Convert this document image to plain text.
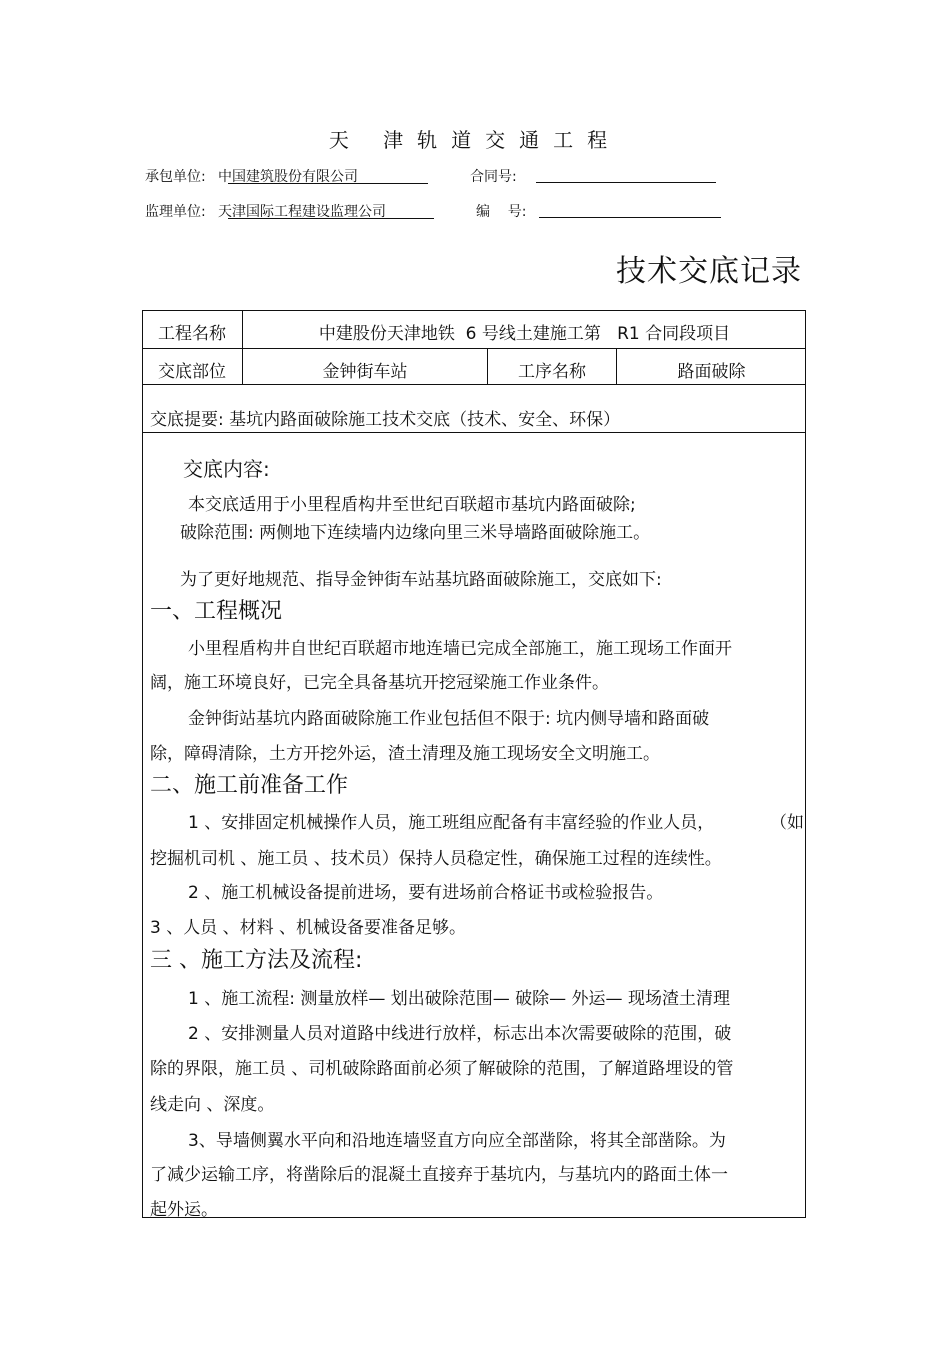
天 津轨道交通工程
承包单位: 中国建筑股份有限公司	合同号:
监理单位: 天津国际工程建设监理公司	编    号:
技术交底记录
工程名称	中建股份天津地铁  6 号线土建施工第   R1 合同段项目
交底部位	金钟街车站	工序名称	路面破除
交底提要: 基坑内路面破除施工技术交底（技术、安全、环保）
交底内容:
本交底适用于小里程盾构井至世纪百联超市基坑内路面破除;
破除范围: 两侧地下连续墙内边缘向里三米导墙路面破除施工。
为了更好地规范、指导金钟街车站基坑路面破除施工，交底如下:
一、工程概况
小里程盾构井自世纪百联超市地连墙已完成全部施工，施工现场工作面开
阔，施工环境良好，已完全具备基坑开挖冠梁施工作业条件。
金钟街站基坑内路面破除施工作业包括但不限于: 坑内侧导墙和路面破
除，障碍清除，土方开挖外运，渣土清理及施工现场安全文明施工。
二、施工前准备工作
1 、安排固定机械操作人员，施工班组应配备有丰富经验的作业人员，	（如
挖掘机司机 、施工员 、技术员）保持人员稳定性，确保施工过程的连续性。
2 、施工机械设备提前进场，要有进场前合格证书或检验报告。
3 、人员 、材料 、机械设备要准备足够。
三 、施工方法及流程:
1 、施工流程: 测量放样— 划出破除范围— 破除— 外运— 现场渣土清理
2 、安排测量人员对道路中线进行放样，标志出本次需要破除的范围，破
除的界限，施工员 、司机破除路面前必须了解破除的范围，了解道路埋设的管
线走向 、深度。
3、导墙侧翼水平向和沿地连墙竖直方向应全部凿除，将其全部凿除。为
了减少运输工序，将凿除后的混凝土直接弃于基坑内，与基坑内的路面土体一
起外运。
